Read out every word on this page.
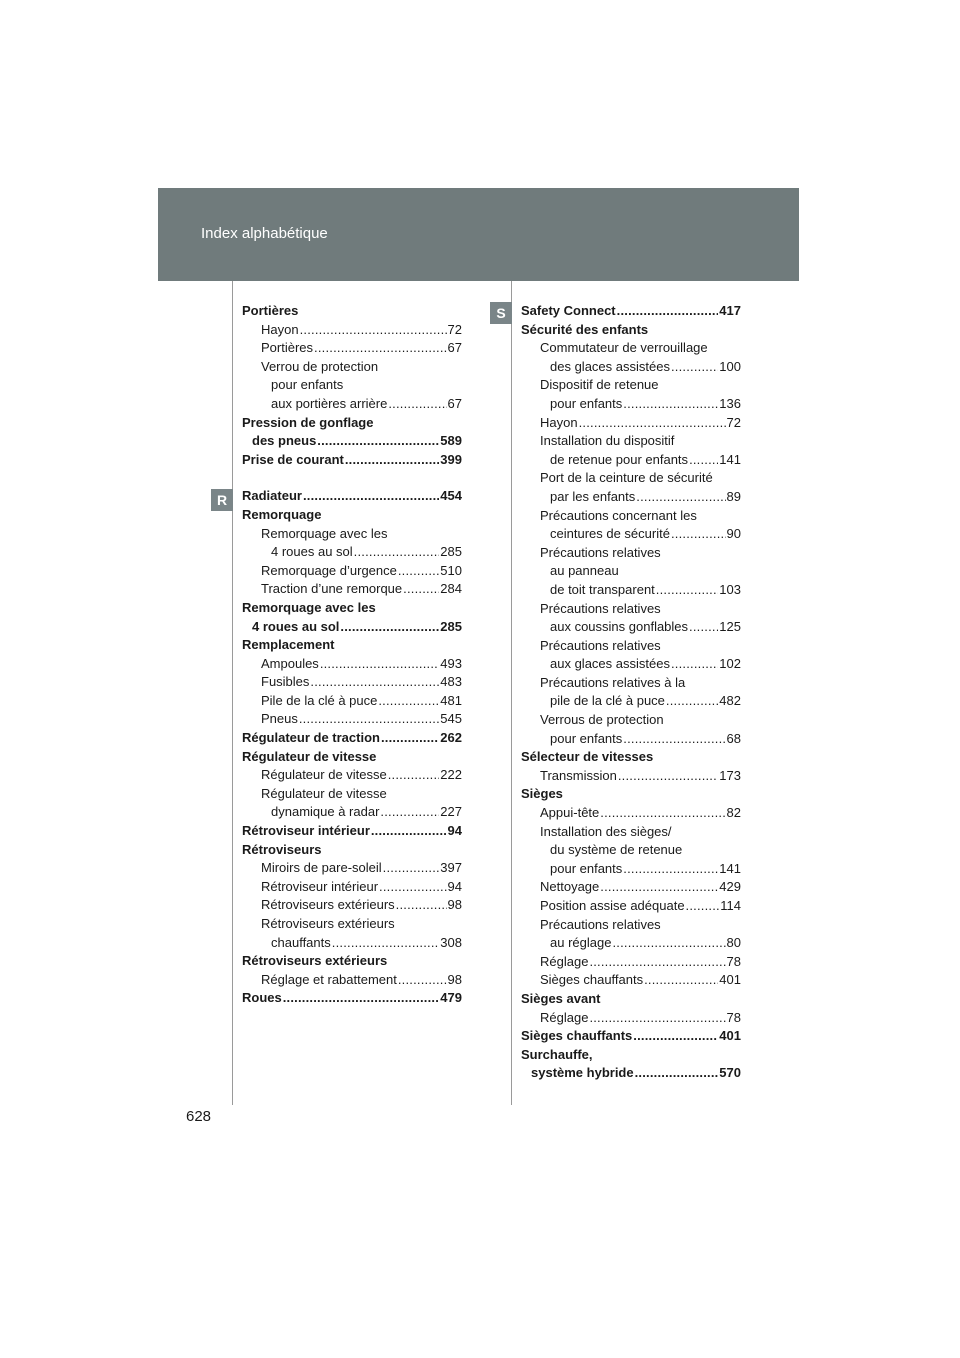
Index alphabétique
R
S
Portières
Hayon .....	72
Portières .....	67
Verrou de protection
pour enfants
aux portières arrière .....	67
Pression de gonflage
des pneus .....	589
Prise de courant .....	399
Radiateur .....	454
Remorquage
Remorquage avec les
4 roues au sol .....	285
Remorquage d’urgence .....	510
Traction d’une remorque .....	284
Remorquage avec les
4 roues au sol .....	285
Remplacement
Ampoules .....	493
Fusibles .....	483
Pile de la clé à puce .....	481
Pneus .....	545
Régulateur de traction .....	262
Régulateur de vitesse
Régulateur de vitesse .....	222
Régulateur de vitesse
dynamique à radar .....	227
Rétroviseur intérieur .....	94
Rétroviseurs
Miroirs de pare-soleil .....	397
Rétroviseur intérieur .....	94
Rétroviseurs extérieurs .....	98
Rétroviseurs extérieurs
chauffants .....	308
Rétroviseurs extérieurs
Réglage et rabattement .....	98
Roues .....	479
Safety Connect .....	417
Sécurité des enfants
Commutateur de verrouillage
des glaces assistées .....	100
Dispositif de retenue
pour enfants .....	136
Hayon .....	72
Installation du dispositif
de retenue pour enfants ..... 141
Port de la ceinture de sécurité
par les enfants .....	89
Précautions concernant les
ceintures de sécurité .....	90
Précautions relatives
au panneau
de toit transparent .....	103
Précautions relatives
aux coussins gonflables ..... 125
Précautions relatives
aux glaces assistées .....	102
Précautions relatives à la
pile de la clé à puce .....	482
Verrous de protection
pour enfants .....	68
Sélecteur de vitesses
Transmission .....	173
Sièges
Appui-tête .....	82
Installation des sièges/
du système de retenue
pour enfants .....	141
Nettoyage .....	429
Position assise adéquate .....	114
Précautions relatives
au réglage .....	80
Réglage .....	78
Sièges chauffants .....	401
Sièges avant
Réglage .....	78
Sièges chauffants .....	401
Surchauffe,
système hybride .....	570
628
